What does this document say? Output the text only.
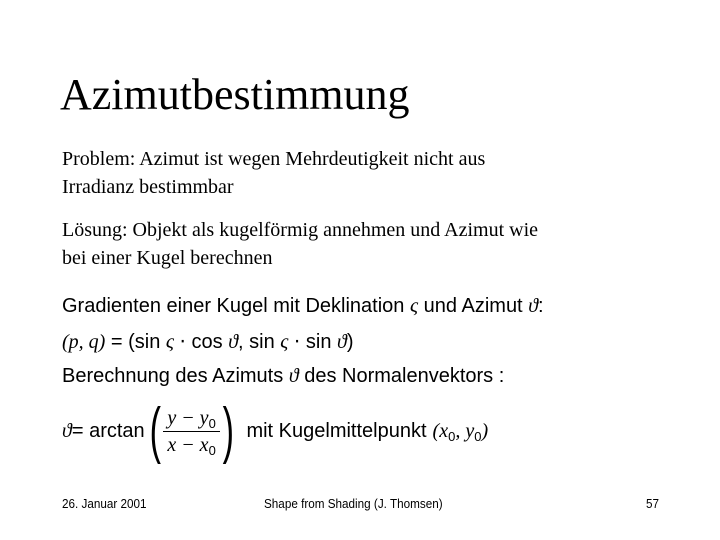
Azimutbestimmung
Problem: Azimut ist wegen Mehrdeutigkeit nicht aus
Irradianz bestimmbar
Lösung: Objekt als kugelförmig annehmen und Azimut wie
bei einer Kugel berechnen
Gradienten einer Kugel mit Deklination ς und Azimut ϑ:
(p, q) = (sin ς ⋅ cos ϑ, sin ς ⋅ sin ϑ)
Berechnung des Azimuts ϑ des Normalenvektors :
ϑ = arctan ( $\frac{y - y_0}{x - x_0}$ ) mit Kugelmittelpunkt ($x_0$, $y_0$)
26. Januar 2001	Shape from Shading (J. Thomsen)	57
